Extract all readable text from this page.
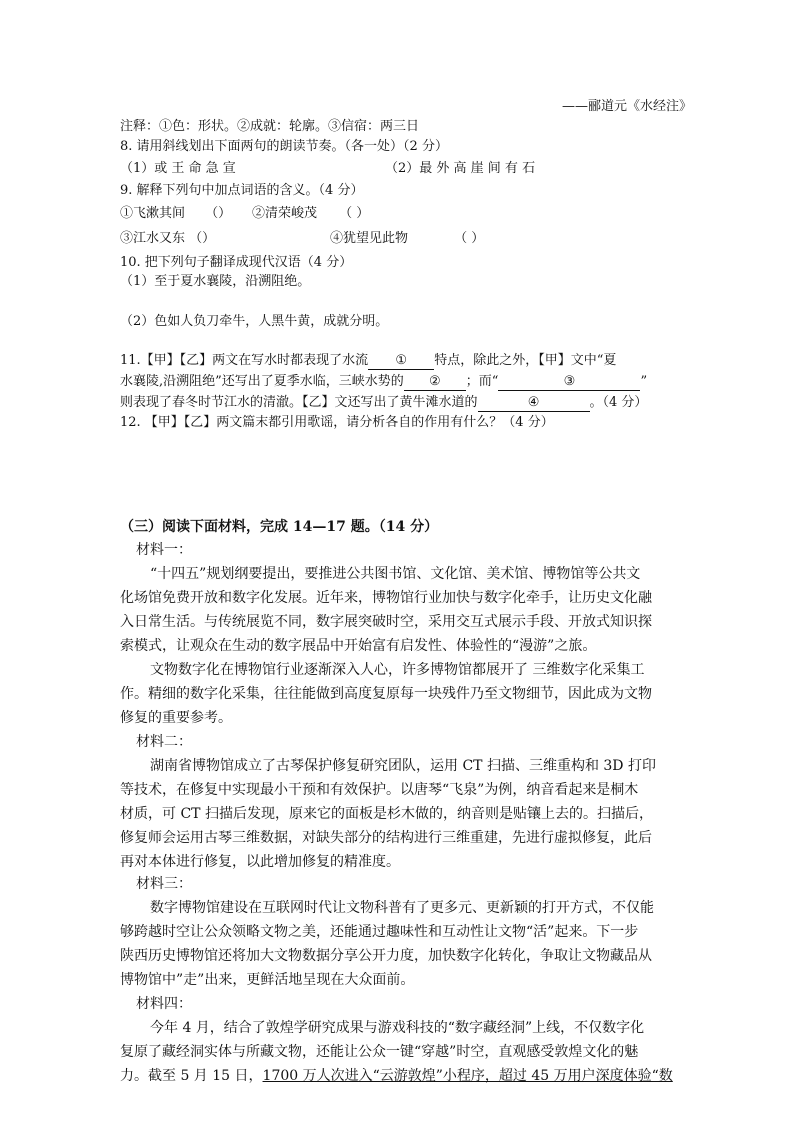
——郦道元《水经注》
注释：①色：形状。②成就：轮廓。③信宿：两三日
8. 请用斜线划出下面两句的朗读节奏。（各一处）（2 分）
（1）或 王 命 急 宣	（2）最 外 高 崖 间 有 石
9. 解释下列句中加点词语的含义。（4 分）
①飞漱其间 （） ②清荣峻茂 （ ）
③江水又东 （）	④犹望见此物	（ ）
10. 把下列句子翻译成现代汉语（4 分）
（1）至于夏水襄陵，沿溯阻绝。
（2）色如人负刀牵牛，人黑牛黄，成就分明。
11.【甲】【乙】两文在写水时都表现了水流 ① 特点，除此之外，【甲】文中“夏
水襄陵,沿溯阻绝”还写出了夏季水临，三峡水势的 ② ；而“	③	”
则表现了春冬时节江水的清澈。【乙】文还写出了黄牛滩水道的	④	。（4 分）
12. 【甲】【乙】两文篇末都引用歌谣，请分析各自的作用有什么？（4 分）
（三）阅读下面材料，完成 14—17 题。（14 分）
材料一：
“十四五”规划纲要提出，要推进公共图书馆、文化馆、美术馆、博物馆等公共文
化场馆免费开放和数字化发展。近年来，博物馆行业加快与数字化牵手，让历史文化融
入日常生活。与传统展览不同，数字展突破时空，采用交互式展示手段、开放式知识探
索模式，让观众在生动的数字展品中开始富有启发性、体验性的“漫游”之旅。
文物数字化在博物馆行业逐渐深入人心，许多博物馆都展开了 三维数字化采集工
作。精细的数字化采集，往往能做到高度复原每一块残件乃至文物细节，因此成为文物
修复的重要参考。
材料二：
湖南省博物馆成立了古琴保护修复研究团队，运用 CT 扫描、三维重构和 3D 打印
等技术，在修复中实现最小干预和有效保护。以唐琴“飞泉”为例，纳音看起来是桐木
材质，可 CT 扫描后发现，原来它的面板是杉木做的，纳音则是贴镶上去的。扫描后，
修复师会运用古琴三维数据，对缺失部分的结构进行三维重建，先进行虚拟修复，此后
再对本体进行修复，以此增加修复的精准度。
材料三：
数字博物馆建设在互联网时代让文物科普有了更多元、更新颖的打开方式，不仅能
够跨越时空让公众领略文物之美，还能通过趣味性和互动性让文物“活”起来。下一步
陕西历史博物馆还将加大文物数据分享公开力度，加快数字化转化，争取让文物藏品从
博物馆中”走”出来，更鲜活地呈现在大众面前。
材料四：
今年 4 月，结合了敦煌学研究成果与游戏科技的“数字藏经洞”上线，不仅数字化
复原了藏经洞实体与所藏文物，还能让公众一键“穿越”时空，直观感受敦煌文化的魅
力。截至 5 月 15 日，1700 万人次进入“云游敦煌”小程序，超过 45 万用户深度体验“数
